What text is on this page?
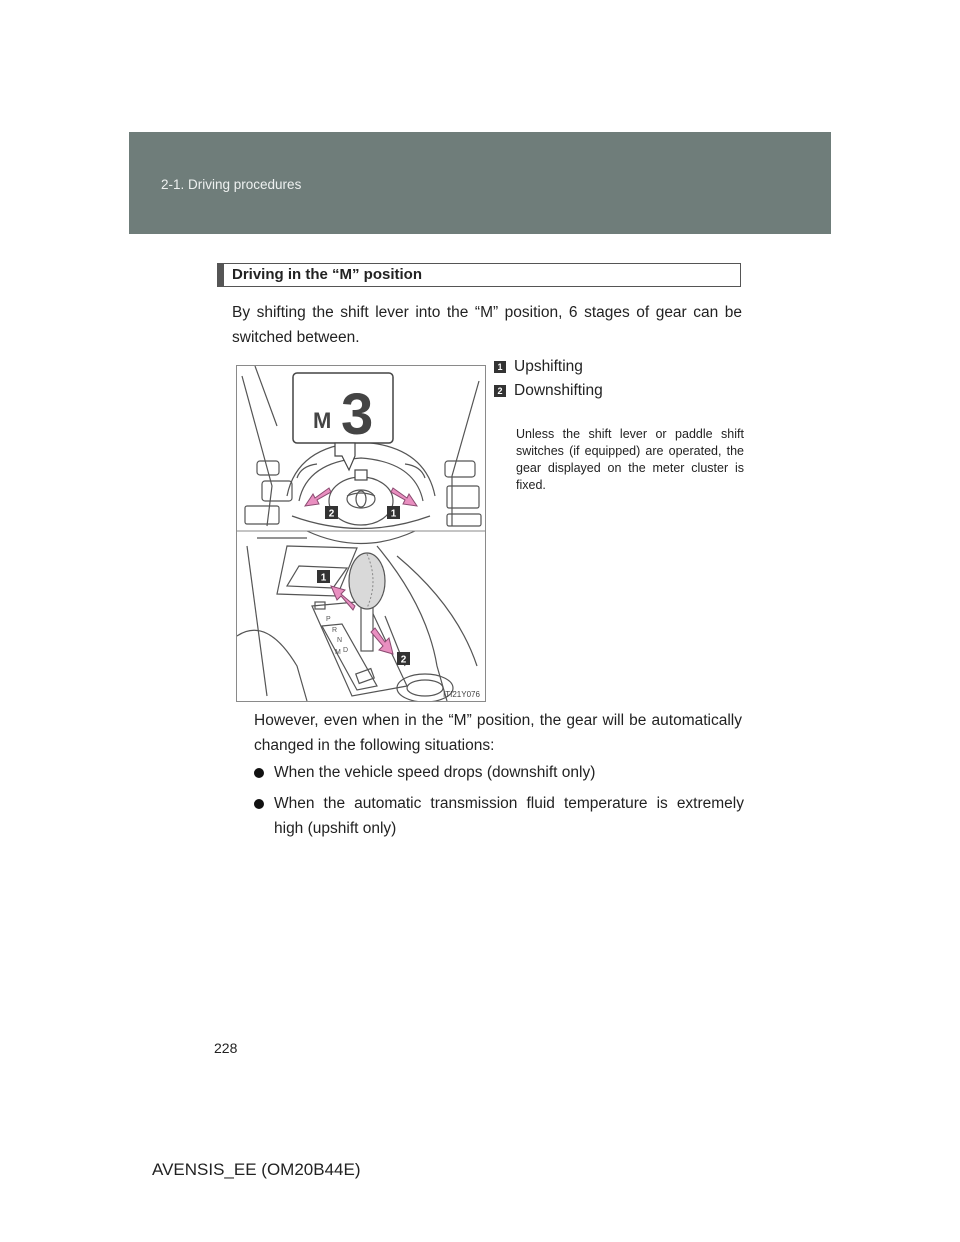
2-1. Driving procedures
Driving in the “M” position
By shifting the shift lever into the “M” position, 6 stages of gear can be switched between.
M 3
2	1
P
R
N
D
M
1
2
ITI21Y076
1 Upshifting
2 Downshifting
Unless the shift lever or paddle shift switches (if equipped) are operated, the gear displayed on the meter cluster is fixed.
However, even when in the “M” position, the gear will be automatically changed in the following situations:
When the vehicle speed drops (downshift only)
When the automatic transmission fluid temperature is extremely high (upshift only)
228
AVENSIS_EE (OM20B44E)
